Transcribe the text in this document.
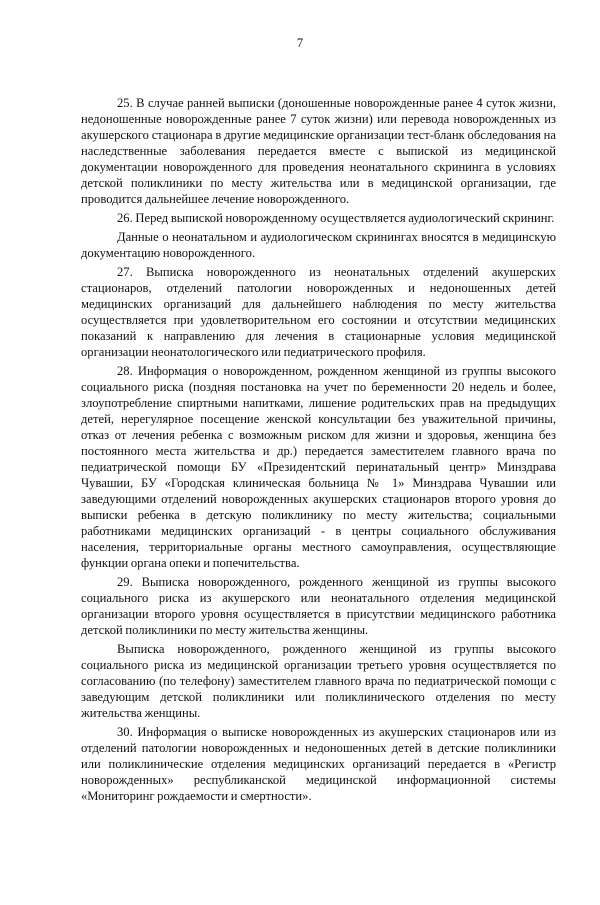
7

25. В случае ранней выписки (доношенные новорожденные ранее 4 суток жизни, недоношенные новорожденные ранее 7 суток жизни) или перевода новорожденных из акушерского стационара в другие медицинские организации тест-бланк обследования на наследственные заболевания передается вместе с выпиской из медицинской документации новорожденного для проведения неонатального скрининга в условиях детской поликлиники по месту жительства или в медицинской организации, где проводится дальнейшее лечение новорожденного.

26. Перед выпиской новорожденному осуществляется аудиологический скрининг.

Данные о неонатальном и аудиологическом скринингах вносятся в медицинскую документацию новорожденного.

27. Выписка новорожденного из неонатальных отделений акушерских стационаров, отделений патологии новорожденных и недоношенных детей медицинских организаций для дальнейшего наблюдения по месту жительства осуществляется при удовлетворительном его состоянии и отсутствии медицинских показаний к направлению для лечения в стационарные условия медицинской организации неонатологического или педиатрического профиля.

28. Информация о новорожденном, рожденном женщиной из группы высокого социального риска (поздняя постановка на учет по беременности 20 недель и более, злоупотребление спиртными напитками, лишение родительских прав на предыдущих детей, нерегулярное посещение женской консультации без уважительной причины, отказ от лечения ребенка с возможным риском для жизни и здоровья, женщина без постоянного места жительства и др.) передается заместителем главного врача по педиатрической помощи БУ «Президентский перинатальный центр» Минздрава Чувашии, БУ «Городская клиническая больница № 1» Минздрава Чувашии или заведующими отделений новорожденных акушерских стационаров второго уровня до выписки ребенка в детскую поликлинику по месту жительства; социальными работниками медицинских организаций - в центры социального обслуживания населения, территориальные органы местного самоуправления, осуществляющие функции органа опеки и попечительства.

29. Выписка новорожденного, рожденного женщиной из группы высокого социального риска из акушерского или неонатального отделения медицинской организации второго уровня осуществляется в присутствии медицинского работника детской поликлиники по месту жительства женщины.

Выписка новорожденного, рожденного женщиной из группы высокого социального риска из медицинской организации третьего уровня осуществляется по согласованию (по телефону) заместителем главного врача по педиатрической помощи с заведующим детской поликлиники или поликлинического отделения по месту жительства женщины.

30. Информация о выписке новорожденных из акушерских стационаров или из отделений патологии новорожденных и недоношенных детей в детские поликлиники или поликлинические отделения медицинских организаций передается в «Регистр новорожденных» республиканской медицинской информационной системы «Мониторинг рождаемости и смертности».
